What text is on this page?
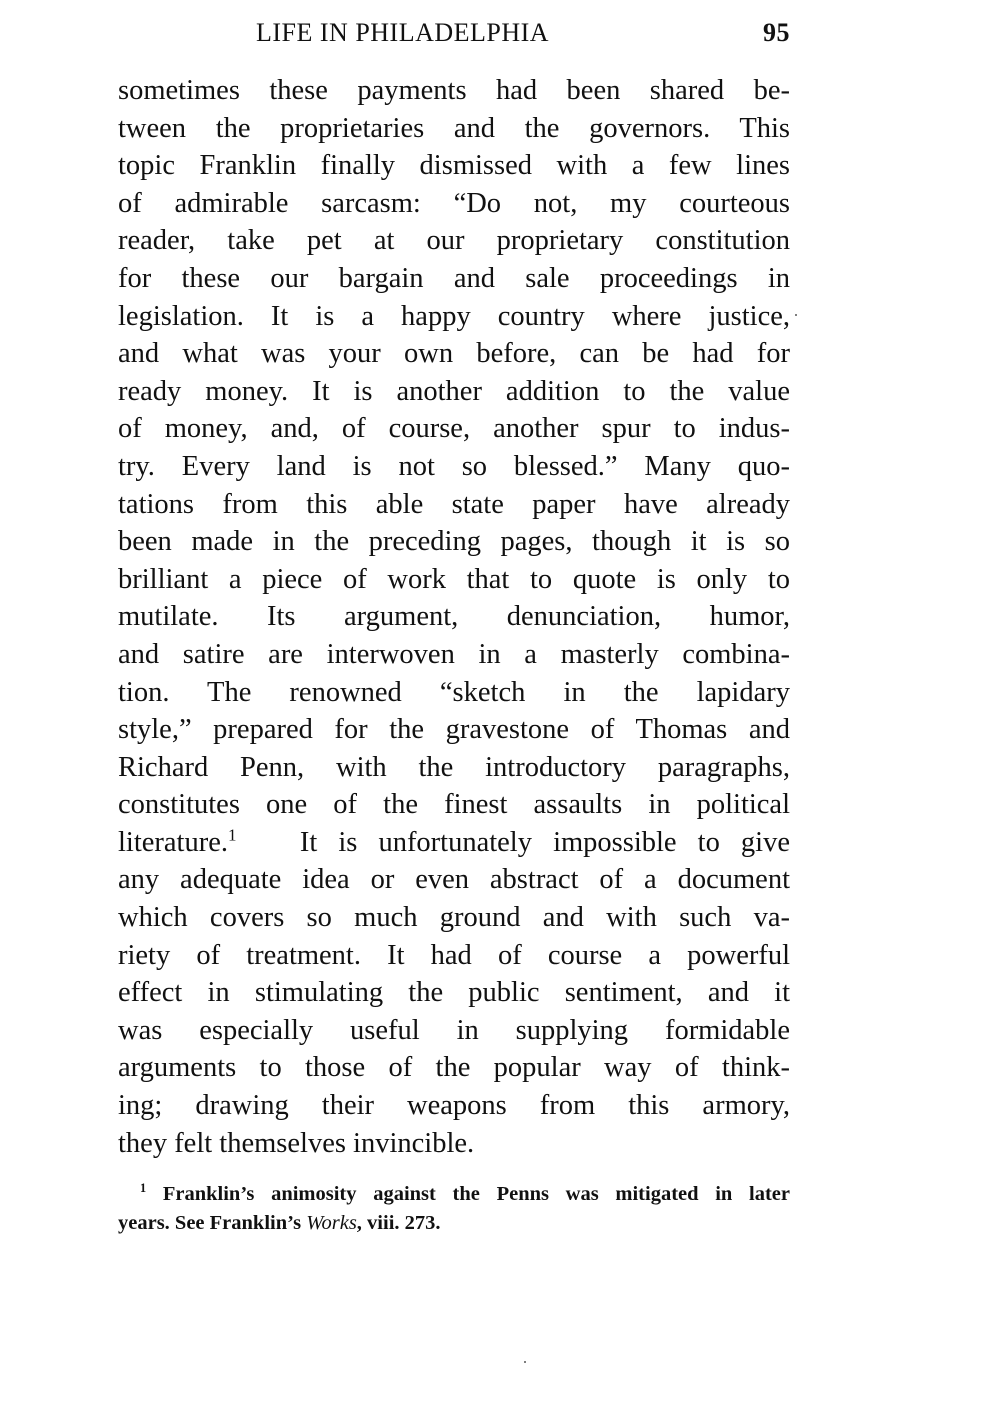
LIFE IN PHILADELPHIA	95
sometimes these payments had been shared be-
tween the proprietaries and the governors. This
topic Franklin finally dismissed with a few lines
of admirable sarcasm: “Do not, my courteous
reader, take pet at our proprietary constitution
for these our bargain and sale proceedings in
legislation. It is a happy country where justice,
and what was your own before, can be had for
ready money. It is another addition to the value
of money, and, of course, another spur to indus-
try. Every land is not so blessed.” Many quo-
tations from this able state paper have already
been made in the preceding pages, though it is so
brilliant a piece of work that to quote is only to
mutilate. Its argument, denunciation, humor,
and satire are interwoven in a masterly combina-
tion. The renowned “sketch in the lapidary
style,” prepared for the gravestone of Thomas and
Richard Penn, with the introductory paragraphs,
constitutes one of the finest assaults in political
literature.$^1$ It is unfortunately impossible to give
any adequate idea or even abstract of a document
which covers so much ground and with such va-
riety of treatment. It had of course a powerful
effect in stimulating the public sentiment, and it
was especially useful in supplying formidable
arguments to those of the popular way of think-
ing; drawing their weapons from this armory,
they felt themselves invincible.
$^1$ Franklin’s animosity against the Penns was mitigated in later
years. See Franklin’s Works, viii. 273.
